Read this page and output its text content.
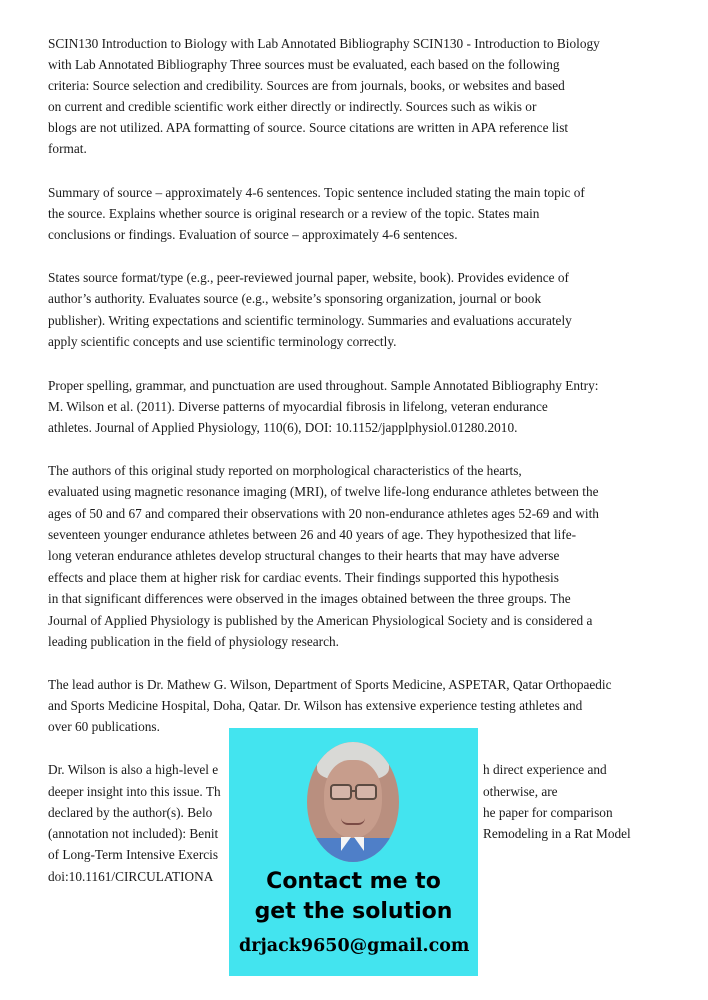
SCIN130 Introduction to Biology with Lab Annotated Bibliography SCIN130 - Introduction to Biology
with Lab Annotated Bibliography Three sources must be evaluated, each based on the following
criteria: Source selection and credibility. Sources are from journals, books, or websites and based
on current and credible scientific work either directly or indirectly. Sources such as wikis or
blogs are not utilized. APA formatting of source. Source citations are written in APA reference list
format.
Summary of source – approximately 4-6 sentences. Topic sentence included stating the main topic of
the source. Explains whether source is original research or a review of the topic. States main
conclusions or findings. Evaluation of source – approximately 4-6 sentences.
States source format/type (e.g., peer-reviewed journal paper, website, book). Provides evidence of
author’s authority. Evaluates source (e.g., website’s sponsoring organization, journal or book
publisher). Writing expectations and scientific terminology. Summaries and evaluations accurately
apply scientific concepts and use scientific terminology correctly.
Proper spelling, grammar, and punctuation are used throughout. Sample Annotated Bibliography Entry:
M. Wilson et al. (2011). Diverse patterns of myocardial fibrosis in lifelong, veteran endurance
athletes. Journal of Applied Physiology, 110(6), DOI: 10.1152/japplphysiol.01280.2010.
The authors of this original study reported on morphological characteristics of the hearts,
evaluated using magnetic resonance imaging (MRI), of twelve life-long endurance athletes between the
ages of 50 and 67 and compared their observations with 20 non-endurance athletes ages 52-69 and with
seventeen younger endurance athletes between 26 and 40 years of age. They hypothesized that life-
long veteran endurance athletes develop structural changes to their hearts that may have adverse
effects and place them at higher risk for cardiac events. Their findings supported this hypothesis
in that significant differences were observed in the images obtained between the three groups. The
Journal of Applied Physiology is published by the American Physiological Society and is considered a
leading publication in the field of physiology research.
The lead author is Dr. Mathew G. Wilson, Department of Sports Medicine, ASPETAR, Qatar Orthopaedic
and Sports Medicine Hospital, Doha, Qatar. Dr. Wilson has extensive experience testing athletes and
over 60 publications.
Dr. Wilson is also a high-level e	h direct experience and
deeper insight into this issue. Th	otherwise, are
declared by the author(s). Belo	he paper for comparison
(annotation not included): Benit	Remodeling in a Rat Model
of Long-Term Intensive Exercis
doi:10.1161/CIRCULATIONA	Contact me to
get the solution
drjack9650@gmail.com
